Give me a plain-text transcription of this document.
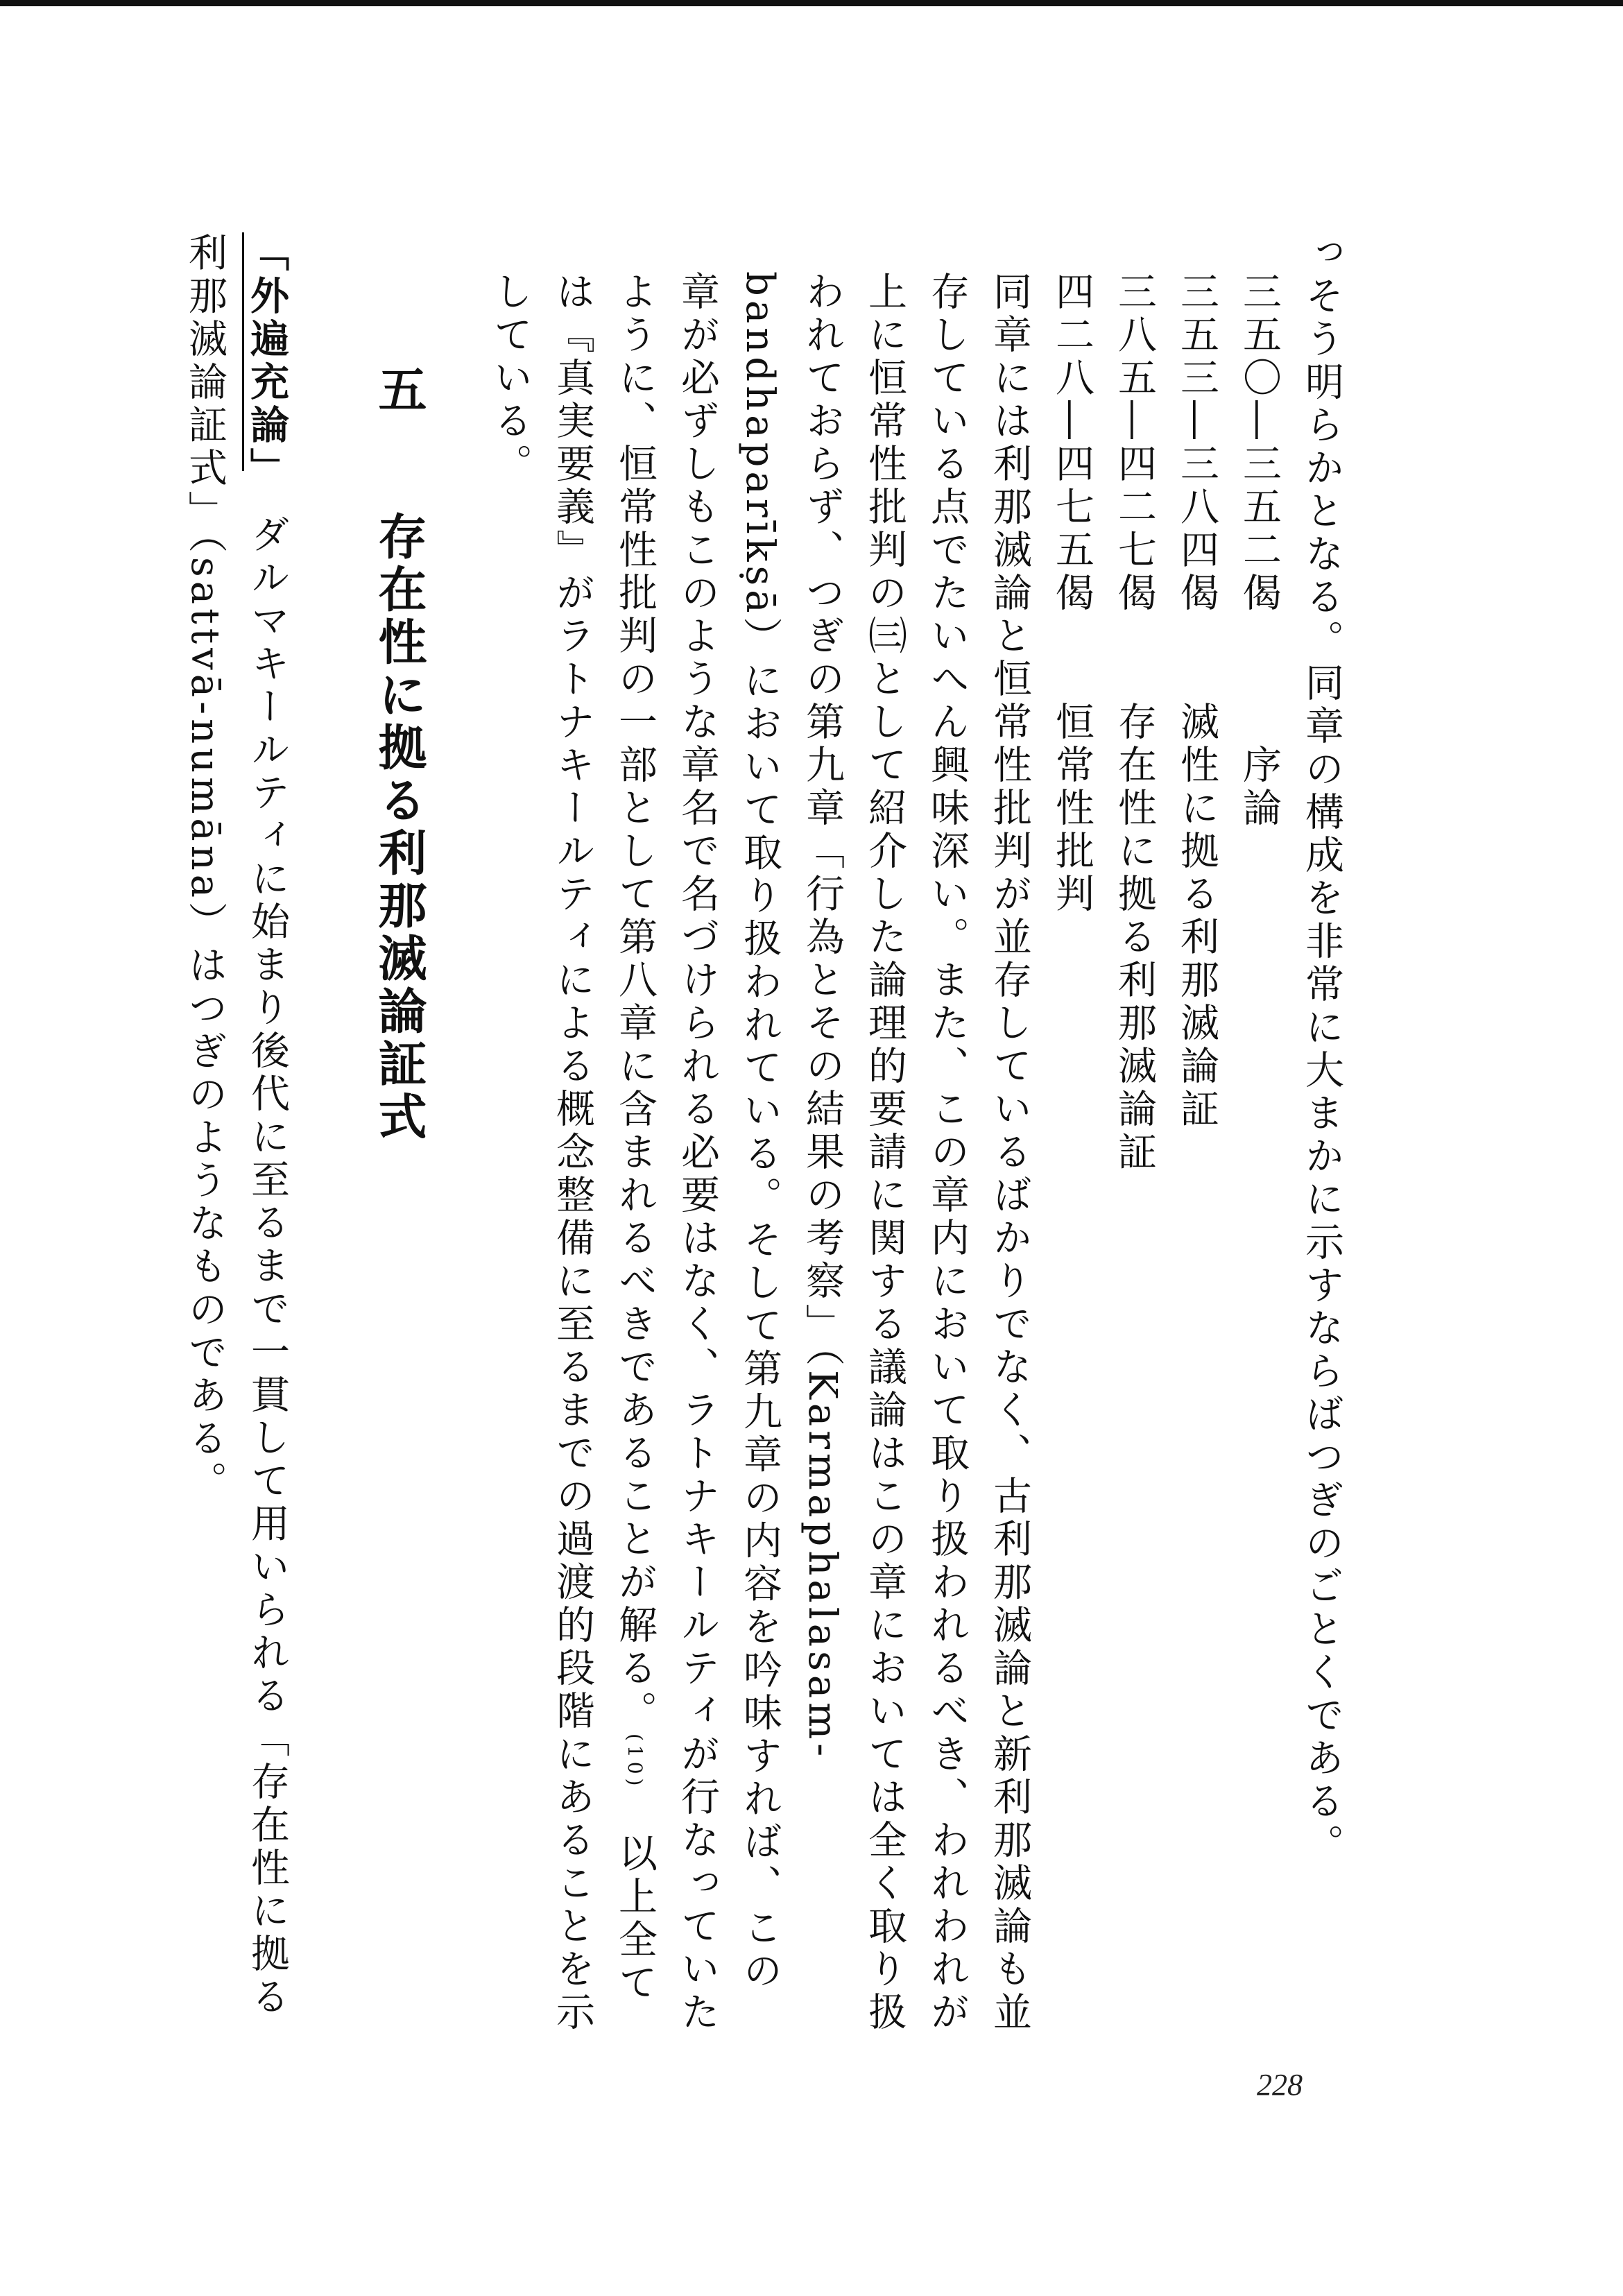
っそう明らかとなる。同章の構成を非常に大まかに示すならばつぎのごとくである。

三五〇―三五二偈　　　序論
三五三―三八四偈　　滅性に拠る利那滅論証
三八五―四二七偈　　存在性に拠る利那滅論証
四二八―四七五偈　　恒常性批判

同章には利那滅論と恒常性批判が並存しているばかりでなく、古利那滅論と新利那滅論も並存している点でたいへん興味深い。また、この章内において取り扱われるべき、われわれが上に恒常性批判の㈢として紹介した論理的要請に関する議論はこの章においては全く取り扱われておらず、つぎの第九章「行為とその結果の考察」（Karmaphalasam-bandhaparīkṣā）において取り扱われている。そして第九章の内容を吟味すれば、この章が必ずしもこのような章名で名づけられる必要はなく、ラトナキールティが行なっていたように、恒常性批判の一部として第八章に含まれるべきであることが解る。(10)　以上全ては『真実要義』がラトナキールティによる概念整備に至るまでの過渡的段階にあることを示している。

五　存在性に拠る利那滅論証式

「外遍充論」　ダルマキールティに始まり後代に至るまで一貫して用いられる「存在性に拠る利那滅論証式」（sattvā-numāna）はつぎのようなものである。

228
